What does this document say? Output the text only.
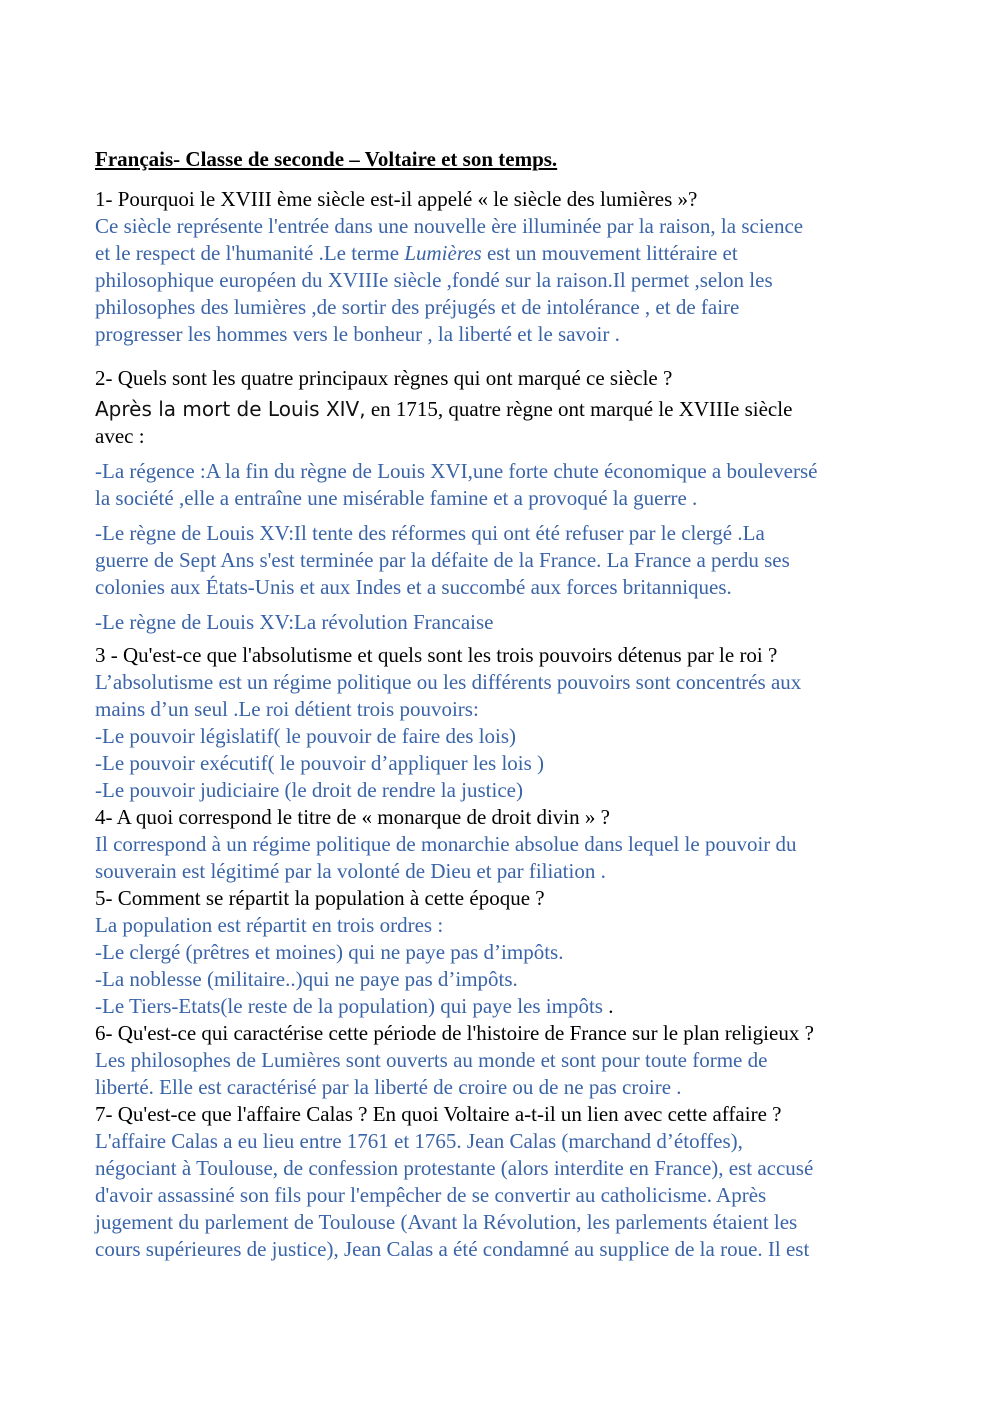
Français- Classe de seconde – Voltaire et son temps.

1- Pourquoi le XVIII ème siècle est-il appelé « le siècle des lumières »?

Ce siècle représente l'entrée dans une nouvelle ère illuminée par la raison, la science

et le respect de l'humanité .Le terme Lumières est un mouvement littéraire et

philosophique européen du XVIIIe siècle ,fondé sur la raison.Il permet ,selon les

philosophes des lumières ,de sortir des préjugés et de intolérance , et de faire

progresser les hommes vers le bonheur , la liberté et le savoir .

2- Quels sont les quatre principaux règnes qui ont marqué ce siècle ?

Après la mort de Louis XIV, en 1715, quatre règne ont marqué le XVIIIe siècle

avec :

-La régence :A la fin du règne de Louis XVI,une forte chute économique a bouleversé

la société ,elle a entraîne une misérable famine et a provoqué la guerre .

-Le règne de Louis XV:Il tente des réformes qui ont été refuser par le clergé .La

guerre de Sept Ans s'est terminée par la défaite de la France. La France a perdu ses

colonies aux États-Unis et aux Indes et a succombé aux forces britanniques.

-Le règne de Louis XV:La révolution Francaise

3 - Qu'est-ce que l'absolutisme et quels sont les trois pouvoirs détenus par le roi ?

L’absolutisme est un régime politique ou les différents pouvoirs sont concentrés aux

mains d’un seul .Le roi détient trois pouvoirs:

-Le pouvoir législatif( le pouvoir de faire des lois)

-Le pouvoir exécutif( le pouvoir d’appliquer les lois )

-Le pouvoir judiciaire (le droit de rendre la justice)

4- A quoi correspond le titre de « monarque de droit divin » ?

Il correspond à un régime politique de monarchie absolue dans lequel le pouvoir du

souverain est légitimé par la volonté de Dieu et par filiation .

5- Comment se répartit la population à cette époque ?

La population est répartit en trois ordres :

-Le clergé (prêtres et moines) qui ne paye pas d’impôts.

-La noblesse (militaire..)qui ne paye pas d’impôts.

-Le Tiers-Etats(le reste de la population) qui paye les impôts .

6- Qu'est-ce qui caractérise cette période de l'histoire de France sur le plan religieux ?

Les philosophes de Lumières sont ouverts au monde et sont pour toute forme de

liberté. Elle est caractérisé par la liberté de croire ou de ne pas croire .

7- Qu'est-ce que l'affaire Calas ? En quoi Voltaire a-t-il un lien avec cette affaire ?

L'affaire Calas a eu lieu entre 1761 et 1765. Jean Calas (marchand d’étoffes),

négociant à Toulouse, de confession protestante (alors interdite en France), est accusé

d'avoir assassiné son fils pour l'empêcher de se convertir au catholicisme. Après

jugement du parlement de Toulouse (Avant la Révolution, les parlements étaient les

cours supérieures de justice), Jean Calas a été condamné au supplice de la roue. Il est
